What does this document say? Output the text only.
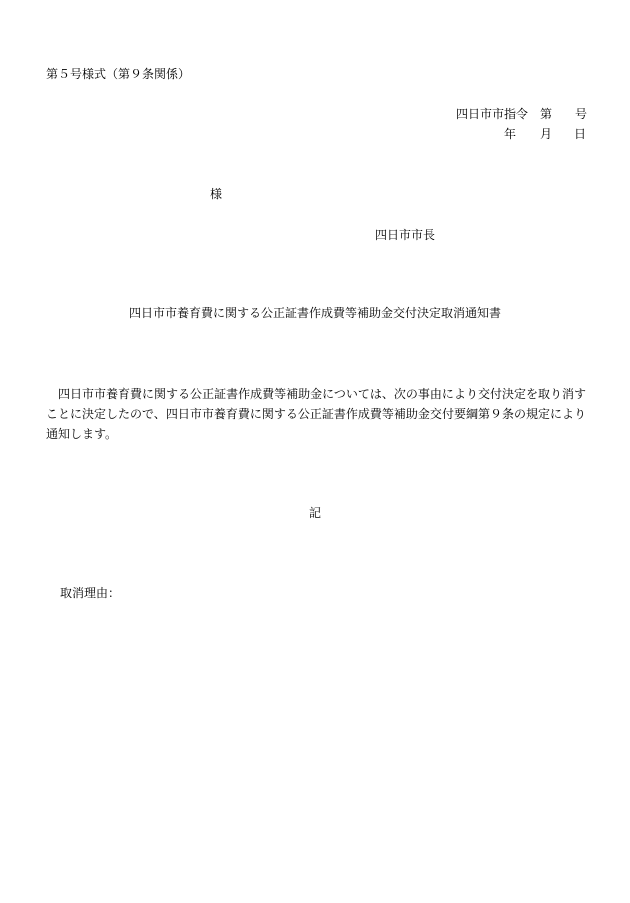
第５号様式（第９条関係）
四日市市指令 第 号
年 月 日
様
四日市市長
四日市市養育費に関する公正証書作成費等補助金交付決定取消通知書
四日市市養育費に関する公正証書作成費等補助金については、次の事由により交付決定を取り消すことに決定したので、四日市市養育費に関する公正証書作成費等補助金交付要綱第９条の規定により通知します。
記
取消理由：
